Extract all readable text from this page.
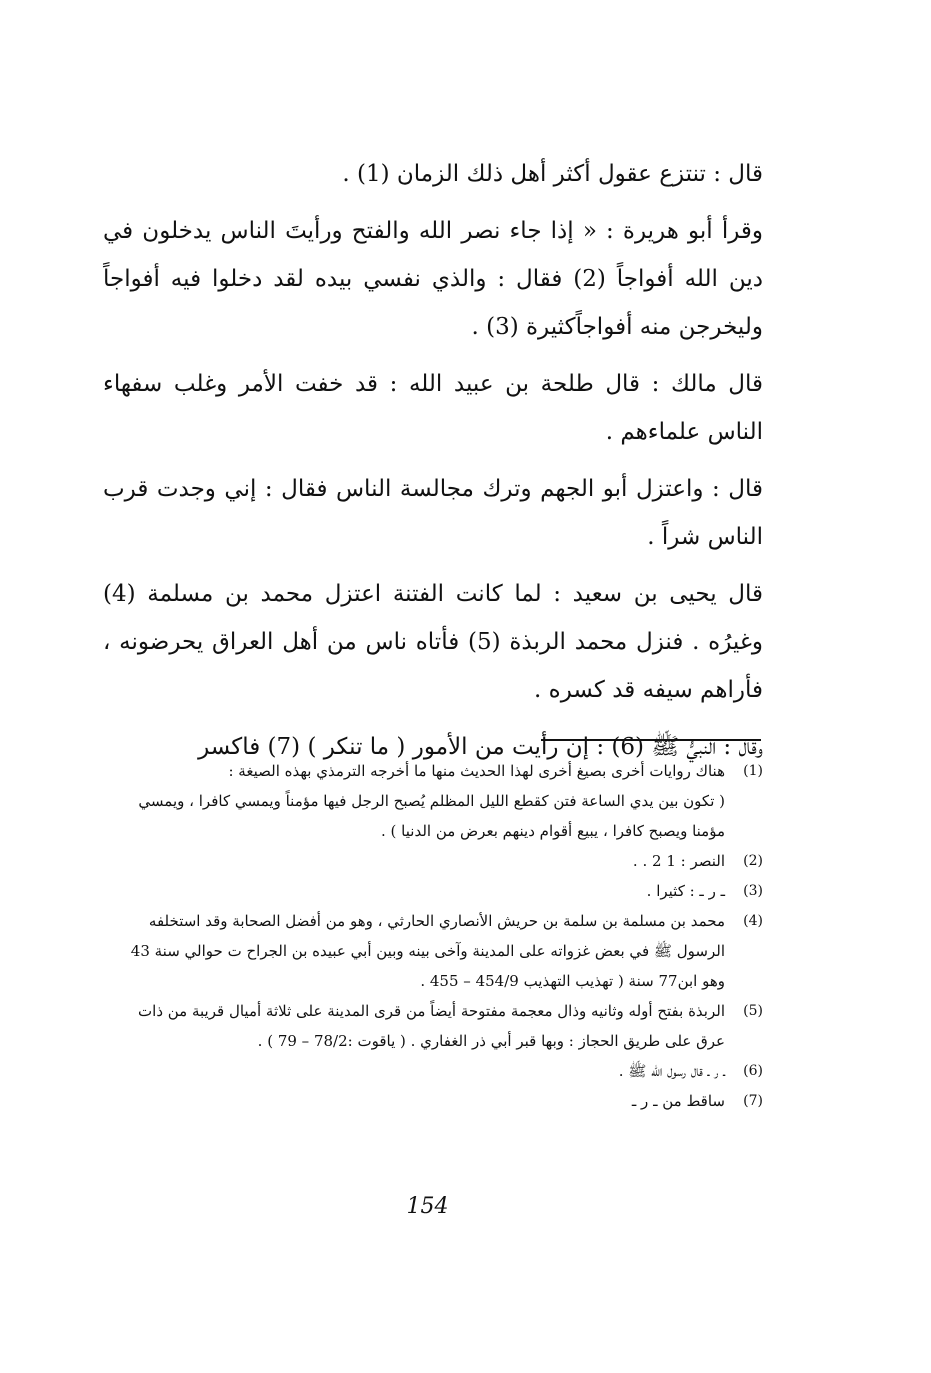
قال : تنتزع عقول أكثر أهل ذلك الزمان (1) .

وقرأ أبو هريرة : « إذا جاء نصر الله والفتح ورأيتَ الناس يدخلون في دين الله أفواجاً (2) فقال : والذي نفسي بيده لقد دخلوا فيه أفواجاً وليخرجن منه أفواجاًكثيرة (3) .

قال مالك : قال طلحة بن عبيد الله : قد خفت الأمر وغلب سفهاء الناس علماءهم .

قال : واعتزل أبو الجهم وترك مجالسة الناس فقال : إني وجدت قرب الناس شراً .

قال يحيى بن سعيد : لما كانت الفتنة اعتزل محمد بن مسلمة (4) وغيرُه . فنزل محمد الربذة (5) فأتاه ناس من أهل العراق يحرضونه ، فأراهم سيفه قد كسره .

وقال : النبيُّ ﷺ (6) : إن رأيت من الأمور ( ما تنكر ) (7) فاكسر

(1)
هناك روايات أخرى بصيغ أخرى لهذا الحديث منها ما أخرجه الترمذي بهذه الصيغة :
( تكون بين يدي الساعة فتن كقطع الليل المظلم يُصبح الرجل فيها مؤمناً ويمسي كافرا ، ويمسي
مؤمنا ويصبح كافرا ، يبيع أقوام دينهم بعرض من الدنيا ) .
(2)
النصر : 1 2 . .
(3)
ـ ر ـ : كثيرا .
(4)
محمد بن مسلمة بن سلمة بن حريش الأنصاري الحارثي ، وهو من أفضل الصحابة وقد استخلفه
الرسول ﷺ في بعض غزواته على المدينة وآخى بينه وبين أبي عبيده بن الجراح ت حوالي سنة 43
وهو ابن77 سنة ( تهذيب التهذيب 454/9 – 455 .
(5)
الربذة بفتح أوله وثانيه وذال معجمة مفتوحة أيضاً من قرى المدينة على ثلاثة أميال قريبة من ذات
عرق على طريق الحجاز : وبها قبر أبي ذر الغفاري . ( ياقوت :78/2 – 79 ) .
(6)
ـ ر ـ قال رسول الله ﷺ .
(7)
ساقط من ـ ر ـ
154
